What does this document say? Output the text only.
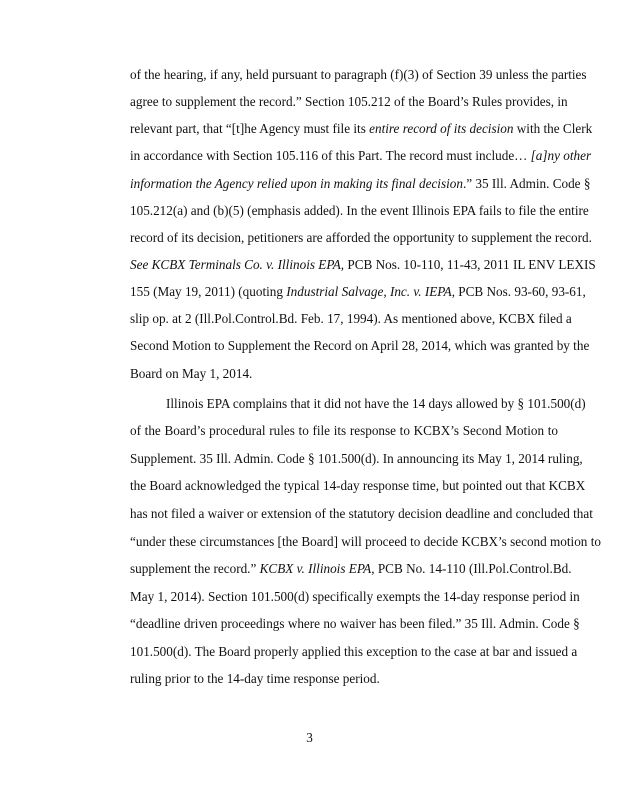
of the hearing, if any, held pursuant to paragraph (f)(3) of Section 39 unless the parties
agree to supplement the record.” Section 105.212 of the Board’s Rules provides, in
relevant part, that “[t]he Agency must file its entire record of its decision with the Clerk
in accordance with Section 105.116 of this Part. The record must include… [a]ny other
information the Agency relied upon in making its final decision.” 35 Ill. Admin. Code §
105.212(a) and (b)(5) (emphasis added). In the event Illinois EPA fails to file the entire
record of its decision, petitioners are afforded the opportunity to supplement the record.
See KCBX Terminals Co. v. Illinois EPA, PCB Nos. 10-110, 11-43, 2011 IL ENV LEXIS
155 (May 19, 2011) (quoting Industrial Salvage, Inc. v. IEPA, PCB Nos. 93-60, 93-61,
slip op. at 2 (Ill.Pol.Control.Bd. Feb. 17, 1994). As mentioned above, KCBX filed a
Second Motion to Supplement the Record on April 28, 2014, which was granted by the
Board on May 1, 2014.
Illinois EPA complains that it did not have the 14 days allowed by § 101.500(d)
of the Board’s procedural rules to file its response to KCBX’s Second Motion to
Supplement. 35 Ill. Admin. Code § 101.500(d). In announcing its May 1, 2014 ruling,
the Board acknowledged the typical 14-day response time, but pointed out that KCBX
has not filed a waiver or extension of the statutory decision deadline and concluded that
“under these circumstances [the Board] will proceed to decide KCBX’s second motion to
supplement the record.” KCBX v. Illinois EPA, PCB No. 14-110 (Ill.Pol.Control.Bd.
May 1, 2014). Section 101.500(d) specifically exempts the 14-day response period in
“deadline driven proceedings where no waiver has been filed.” 35 Ill. Admin. Code §
101.500(d). The Board properly applied this exception to the case at bar and issued a
ruling prior to the 14-day time response period.
3
